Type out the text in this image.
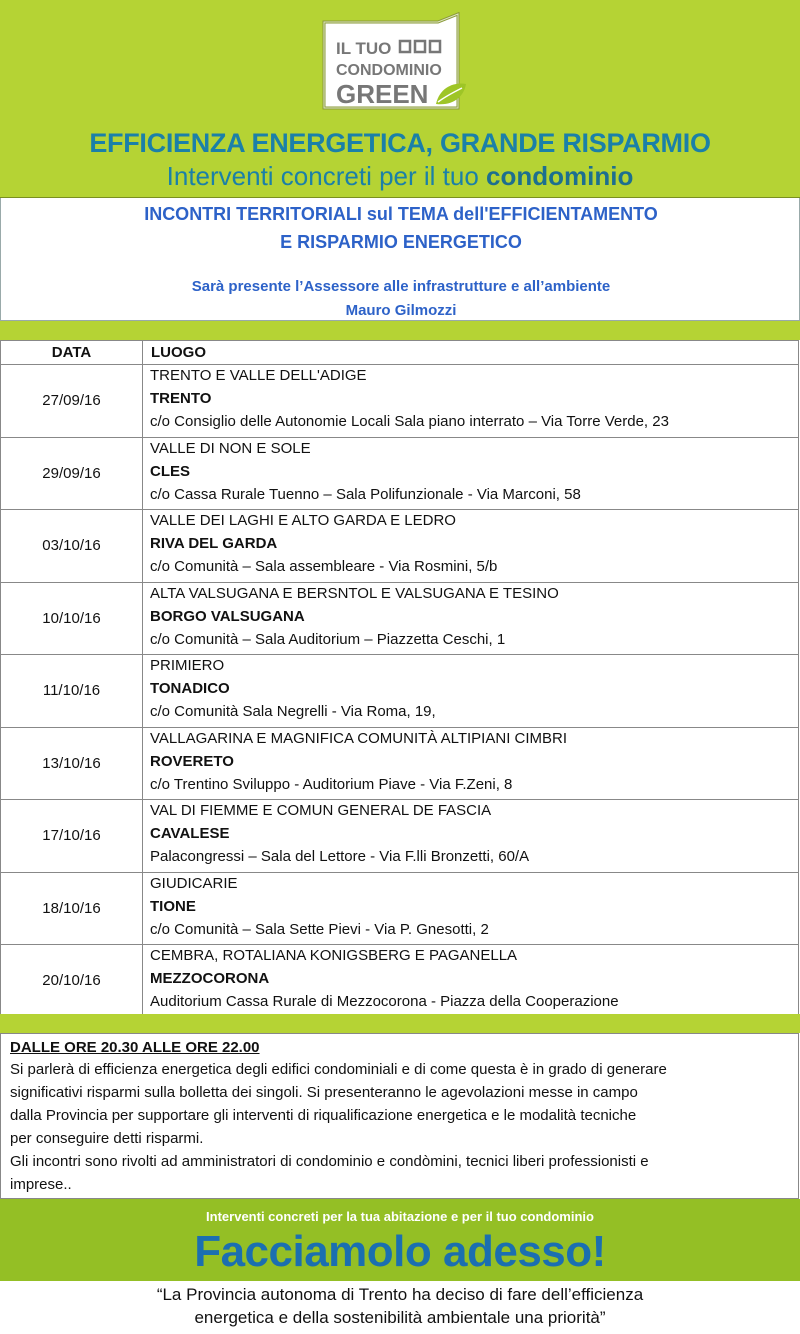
IL TUO
CONDOMINIO
GREEN
EFFICIENZA ENERGETICA, GRANDE RISPARMIO
Interventi concreti per il tuo condominio
INCONTRI TERRITORIALI sul TEMA dell'EFFICIENTAMENTO
E RISPARMIO ENERGETICO
Sarà presente l’Assessore alle infrastrutture e all’ambiente
Mauro Gilmozzi
DATA	LUOGO
27/09/16
TRENTO E VALLE DELL'ADIGE
TRENTO
c/o Consiglio delle Autonomie Locali Sala piano interrato – Via Torre Verde, 23
29/09/16
VALLE DI NON E SOLE
CLES
c/o Cassa Rurale Tuenno – Sala Polifunzionale - Via Marconi, 58
03/10/16
VALLE DEI LAGHI E ALTO GARDA E LEDRO
RIVA DEL GARDA
c/o Comunità – Sala assembleare - Via Rosmini, 5/b
10/10/16
ALTA VALSUGANA E BERSNTOL E VALSUGANA E TESINO
BORGO VALSUGANA
c/o Comunità – Sala Auditorium – Piazzetta Ceschi, 1
11/10/16
PRIMIERO
TONADICO
c/o Comunità Sala Negrelli - Via Roma, 19,
13/10/16
VALLAGARINA E MAGNIFICA COMUNITÀ ALTIPIANI CIMBRI
ROVERETO
c/o Trentino Sviluppo - Auditorium Piave - Via F.Zeni, 8
17/10/16
VAL DI FIEMME E COMUN GENERAL DE FASCIA
CAVALESE
Palacongressi – Sala del Lettore - Via F.lli Bronzetti, 60/A
18/10/16
GIUDICARIE
TIONE
c/o Comunità – Sala Sette Pievi - Via P. Gnesotti, 2
20/10/16
CEMBRA, ROTALIANA KONIGSBERG E PAGANELLA
MEZZOCORONA
Auditorium Cassa Rurale di Mezzocorona - Piazza della Cooperazione
DALLE ORE 20.30 ALLE ORE 22.00
Si parlerà di efficienza energetica degli edifici condominiali e di come questa è in grado di generare
significativi risparmi sulla bolletta dei singoli. Si presenteranno le agevolazioni messe in campo
dalla Provincia per supportare gli interventi di riqualificazione energetica e le modalità tecniche
per conseguire detti risparmi.
Gli incontri sono rivolti ad amministratori di condominio e condòmini, tecnici liberi professionisti e
imprese..
Interventi concreti per la tua abitazione e per il tuo condominio
Facciamolo adesso!
“La Provincia autonoma di Trento ha deciso di fare dell’efficienza
energetica e della sostenibilità ambientale una priorità”
